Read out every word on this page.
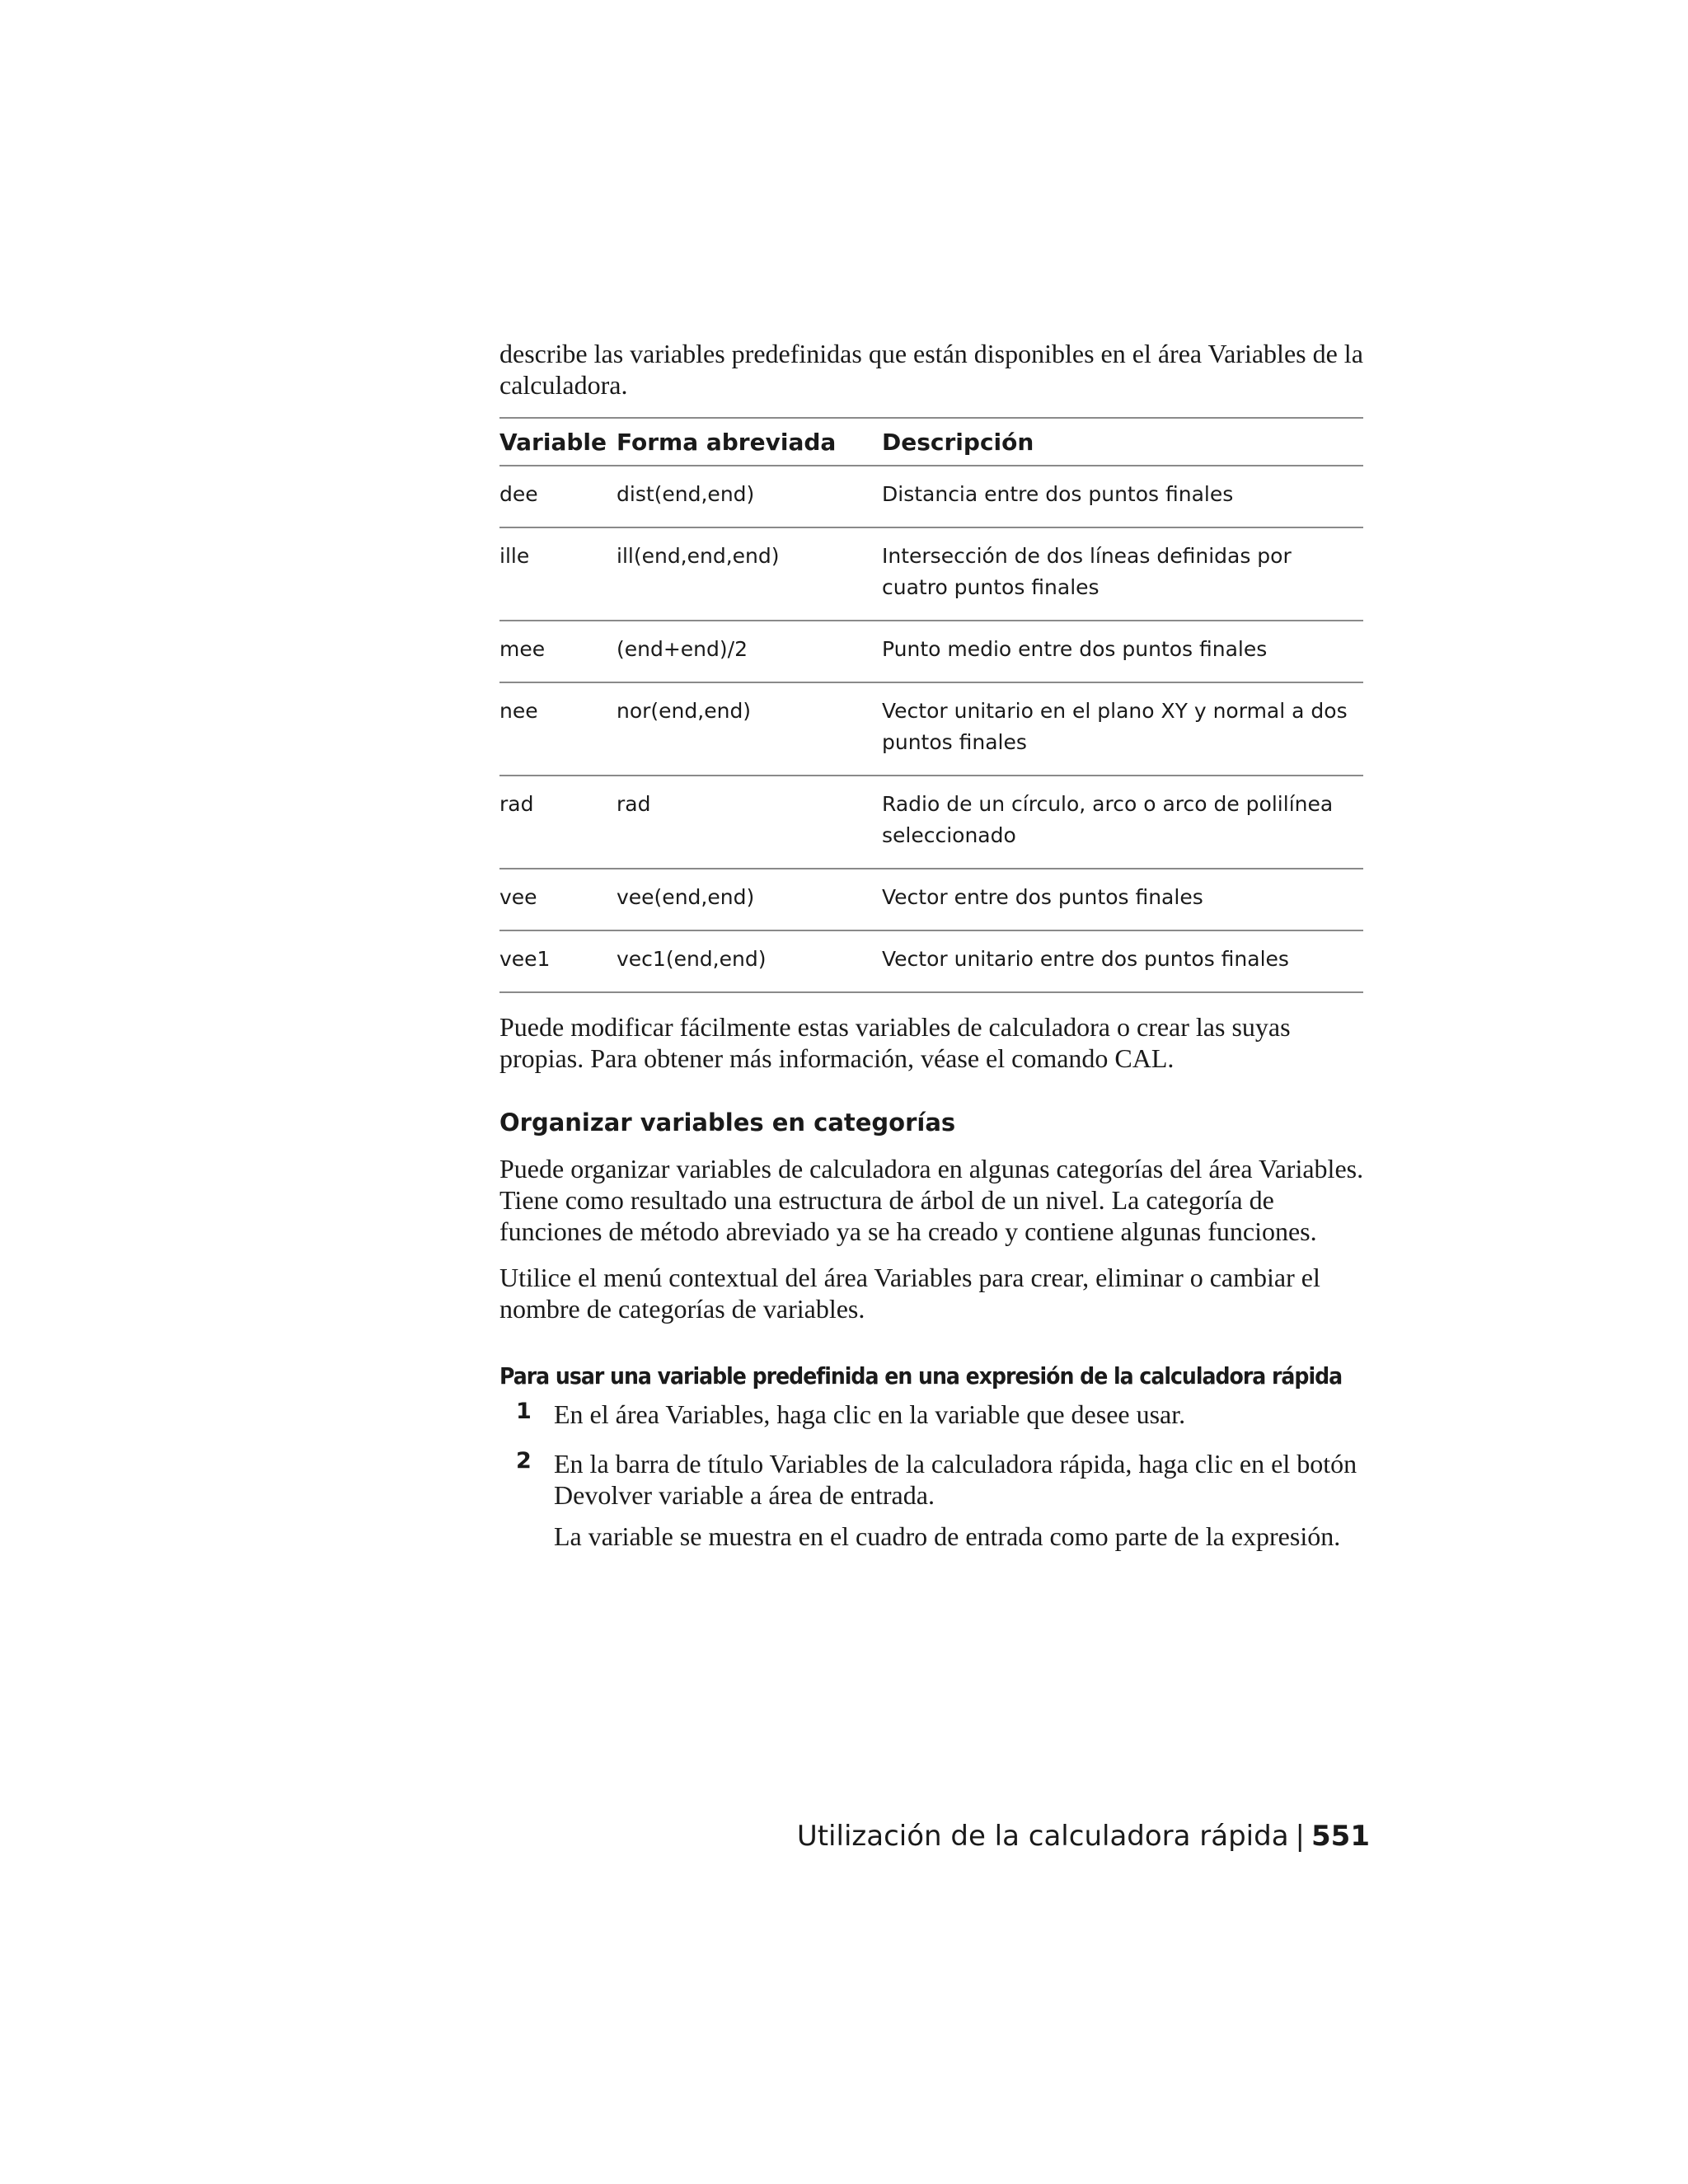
describe las variables predefinidas que están disponibles en el área Variables de la calculadora.

Variable	Forma abreviada	Descripción
dee	dist(end,end)	Distancia entre dos puntos finales
ille	ill(end,end,end)	Intersección de dos líneas definidas por cuatro puntos finales
mee	(end+end)/2	Punto medio entre dos puntos finales
nee	nor(end,end)	Vector unitario en el plano XY y normal a dos puntos finales
rad	rad	Radio de un círculo, arco o arco de polilínea seleccionado
vee	vee(end,end)	Vector entre dos puntos finales
vee1	vec1(end,end)	Vector unitario entre dos puntos finales

Puede modificar fácilmente estas variables de calculadora o crear las suyas propias. Para obtener más información, véase el comando CAL.

Organizar variables en categorías

Puede organizar variables de calculadora en algunas categorías del área Variables. Tiene como resultado una estructura de árbol de un nivel. La categoría de funciones de método abreviado ya se ha creado y contiene algunas funciones.

Utilice el menú contextual del área Variables para crear, eliminar o cambiar el nombre de categorías de variables.

Para usar una variable predefinida en una expresión de la calculadora rápida
1 En el área Variables, haga clic en la variable que desee usar.

2 En la barra de título Variables de la calculadora rápida, haga clic en el botón Devolver variable a área de entrada.

La variable se muestra en el cuadro de entrada como parte de la expresión.

Utilización de la calculadora rápida | 551
